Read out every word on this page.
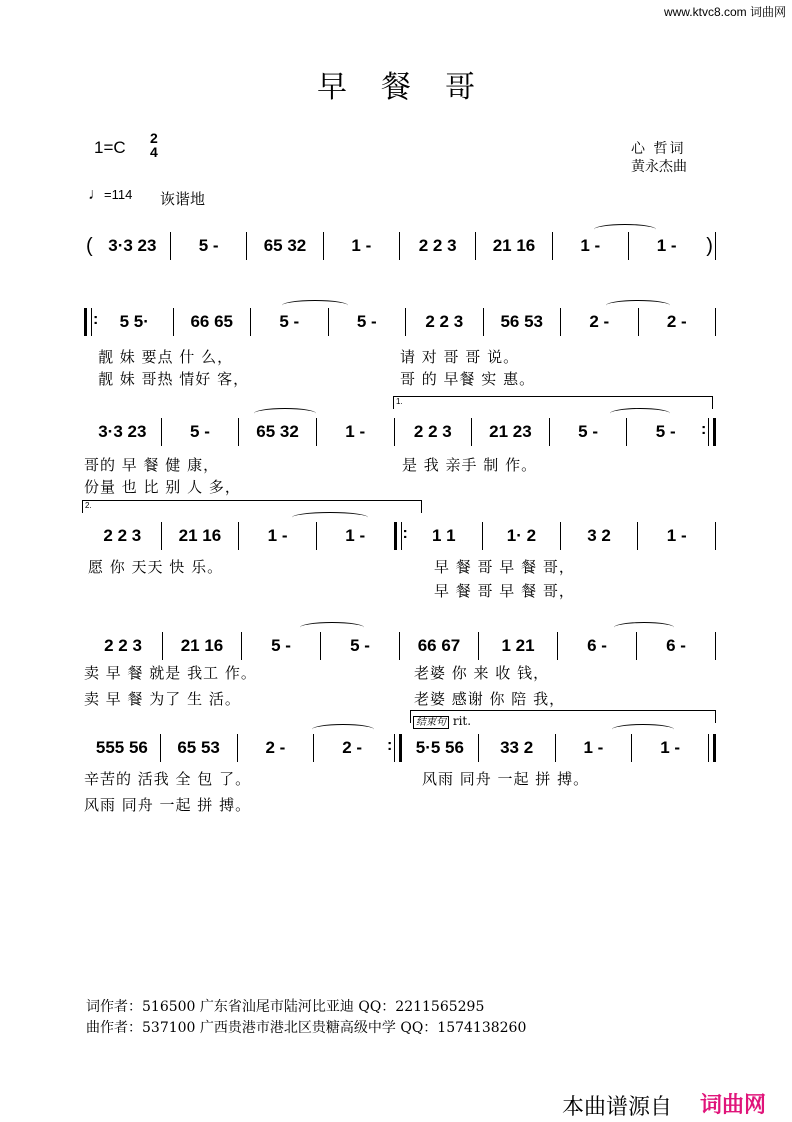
www.ktvc8.com 词曲网
早餐哥
1=C 2
4	心 哲词
黄永杰曲
♩=114 诙谐地
( 3·3 23	5 -	65 32	1 -	2 2 3	21 16	1 -	1 -	)
:
5 5·	66 65	5 -	5 -	2 2 3	56 53	2 -	2 -
靓 妹 要点 什 么，	请 对 哥 哥 说。
靓 妹 哥热 情好 客，	哥 的 早餐 实 惠。
1.
3·3 23	5 -	65 32	1 -	2 2 3	21 23	5 -	5 -
:
哥的 早 餐 健 康，	是 我 亲手 制 作。
份量 也 比 别 人 多，
2.
2 2 3	21 16	1 -	1 - :	1 1	1· 2	3 2	1 -
愿 你 天天 快 乐。	早 餐 哥 早 餐 哥，
早 餐 哥 早 餐 哥，
2 2 3	21 16	5 -	5 -	66 67	1 21	6 -	6 -
卖 早 餐 就是 我工 作。	老婆 你 来 收 钱，
卖 早 餐 为了 生 活。	老婆 感谢 你 陪 我，
结束句 rit.
555 56	65 53	2 -	2 - :	5·5 56	33 2	1 -	1 -
辛苦的 活我 全 包 了。	风雨 同舟 一起 拼 搏。
风雨 同舟 一起 拼 搏。
词作者：516500 广东省汕尾市陆河比亚迪 QQ：2211565295
曲作者：537100 广西贵港市港北区贵糖高级中学 QQ：1574138260
本曲谱源自 词曲网
